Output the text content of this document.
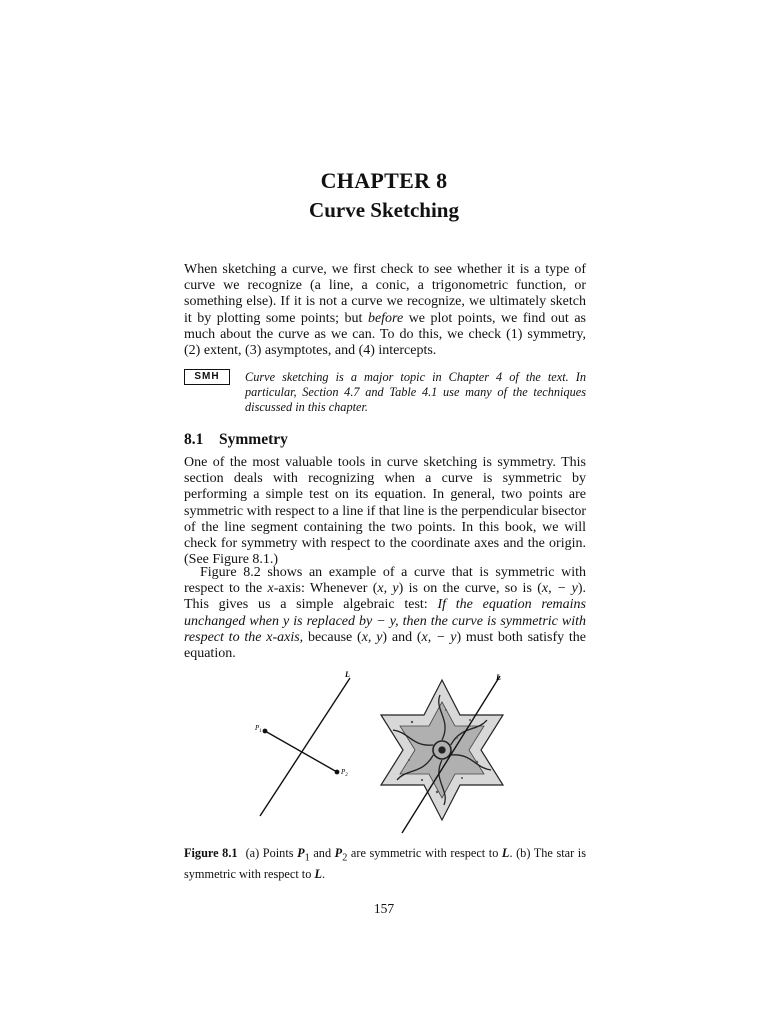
CHAPTER 8
Curve Sketching
When sketching a curve, we first check to see whether it is a type of curve we recognize (a line, a conic, a trigonometric function, or something else). If it is not a curve we recognize, we ultimately sketch it by plotting some points; but before we plot points, we find out as much about the curve as we can. To do this, we check (1) symmetry, (2) extent, (3) asymptotes, and (4) intercepts.
SMH	Curve sketching is a major topic in Chapter 4 of the text. In particular, Section 4.7 and Table 4.1 use many of the techniques discussed in this chapter.
8.1 Symmetry
One of the most valuable tools in curve sketching is symmetry. This section deals with recognizing when a curve is symmetric by performing a simple test on its equation. In general, two points are symmetric with respect to a line if that line is the perpendicular bisector of the line segment containing the two points. In this book, we will check for symmetry with respect to the coordinate axes and the origin. (See Figure 8.1.)
Figure 8.2 shows an example of a curve that is symmetric with respect to the x-axis: Whenever (x, y) is on the curve, so is (x, − y). This gives us a simple algebraic test: If the equation remains unchanged when y is replaced by − y, then the curve is symmetric with respect to the x-axis, because (x, y) and (x, − y) must both satisfy the equation.
L
$P_1$
$P_2$
L
Figure 8.1 (a) Points $P_1$ and $P_2$ are symmetric with respect to L. (b) The star is symmetric with respect to L.
157
